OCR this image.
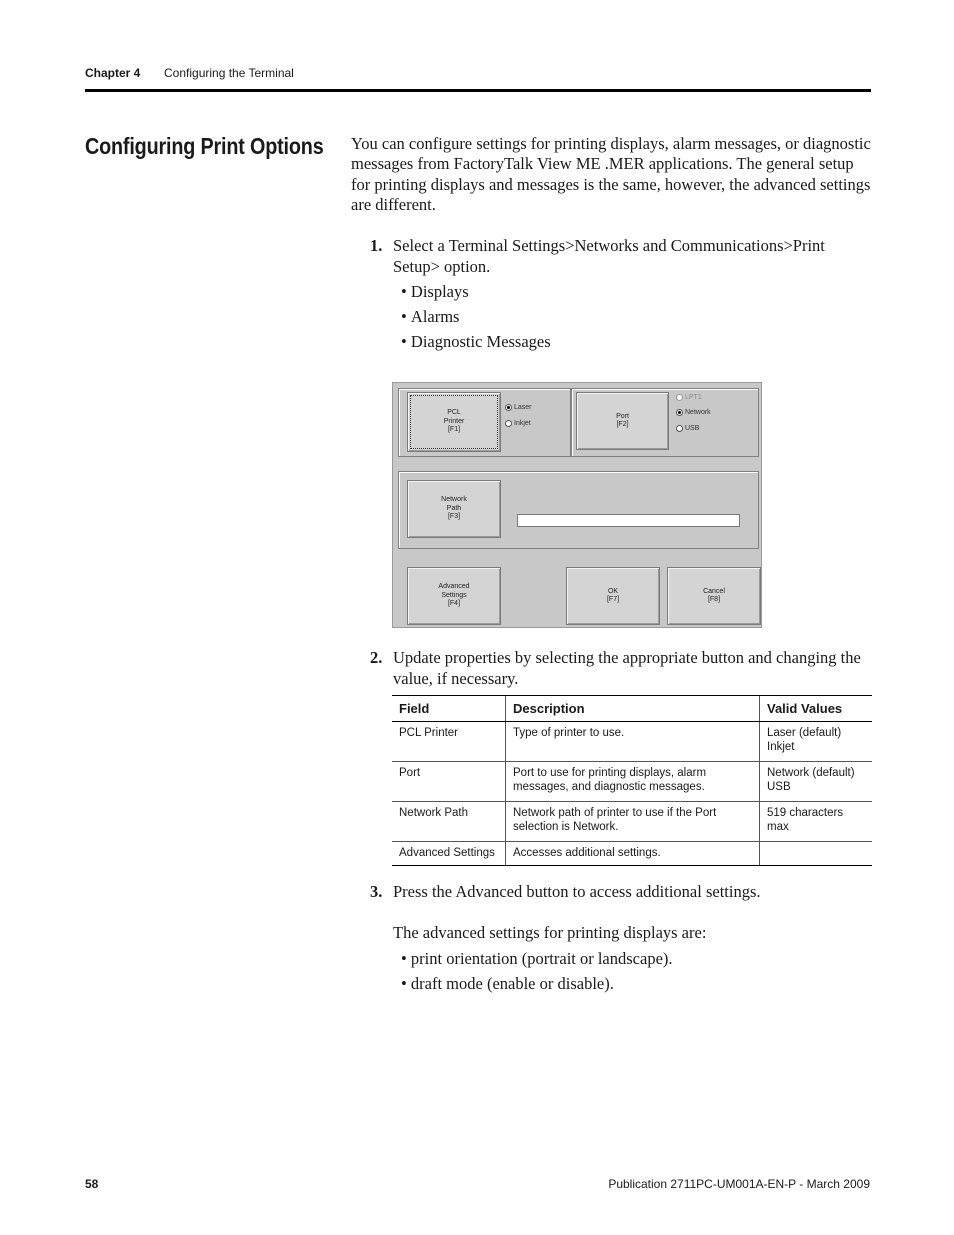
Chapter 4 Configuring the Terminal
Configuring Print Options You can configure settings for printing displays, alarm messages, or diagnostic messages from FactoryTalk View ME .MER applications. The general setup for printing displays and messages is the same, however, the advanced settings are different.
1. Select a Terminal Settings>Networks and Communications>Print Setup> option.
• Displays
• Alarms
• Diagnostic Messages
PCL
Printer
[F1]
Laser
Inkjet
Port
[F2]
LPT1
Network
USB
Network
Path
[F3]
Advanced
Settings
[F4]
OK
[F7]
Cancel
[F8]
2. Update properties by selecting the appropriate button and changing the value, if necessary.
Field	Description	Valid Values
PCL Printer	Type of printer to use.	Laser (default)
Inkjet
Port	Port to use for printing displays, alarm messages, and diagnostic messages.	Network (default)
USB
Network Path	Network path of printer to use if the Port selection is Network.	519 characters max
Advanced Settings	Accesses additional settings.	
3. Press the Advanced button to access additional settings.
The advanced settings for printing displays are:
• print orientation (portrait or landscape).
• draft mode (enable or disable).
58	Publication 2711PC-UM001A-EN-P - March 2009
